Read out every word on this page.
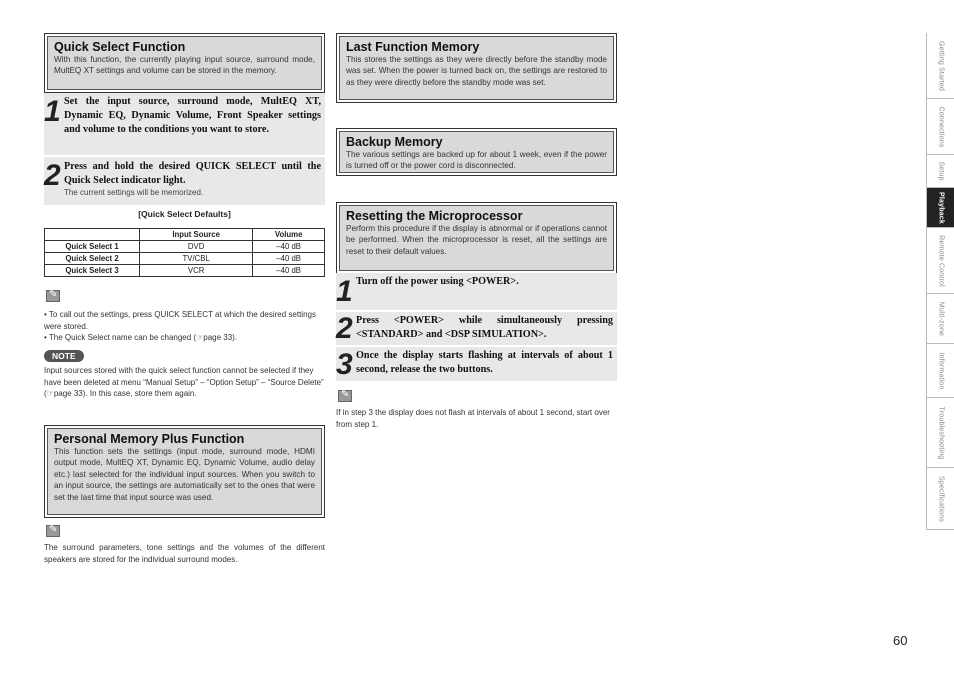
Quick Select Function
With this function, the currently playing input source, surround mode, MultEQ XT settings and volume can be stored in the memory.
1 Set the input source, surround mode, MultEQ XT, Dynamic EQ, Dynamic Volume, Front Speaker settings and volume to the conditions you want to store.
2 Press and hold the desired QUICK SELECT until the Quick Select indicator light.
The current settings will be memorized.
[Quick Select Defaults]
	Input Source	Volume
Quick Select 1	DVD	–40 dB
Quick Select 2	TV/CBL	–40 dB
Quick Select 3	VCR	–40 dB
✎
• To call out the settings, press QUICK SELECT at which the desired settings were stored.
• The Quick Select name can be changed (☞page 33).
NOTE
Input sources stored with the quick select function cannot be selected if they have been deleted at menu “Manual Setup” – “Option Setup” – “Source Delete” (☞page 33). In this case, store them again.
Personal Memory Plus Function
This function sets the settings (input mode, surround mode, HDMI output mode, MultEQ XT, Dynamic EQ, Dynamic Volume, audio delay etc.) last selected for the individual input sources. When you switch to an input source, the settings are automatically set to the ones that were set the last time that input source was used.
✎
The surround parameters, tone settings and the volumes of the different speakers are stored for the individual surround modes.
Last Function Memory
This stores the settings as they were directly before the standby mode was set. When the power is turned back on, the settings are restored to as they were directly before the standby mode was set.
Backup Memory
The various settings are backed up for about 1 week, even if the power is turned off or the power cord is disconnected.
Resetting the Microprocessor
Perform this procedure if the display is abnormal or if operations cannot be performed. When the microprocessor is reset, all the settings are reset to their default values.
1 Turn off the power using <POWER>.
2 Press <POWER> while simultaneously pressing <STANDARD> and <DSP SIMULATION>.
3 Once the display starts flashing at intervals of about 1 second, release the two buttons.
✎
If in step 3 the display does not flash at intervals of about 1 second, start over from step 1.
Getting Started
Connections
Setup
Playback
Remote Control
Multi-zone
Information
Troubleshooting
Specifications
60
